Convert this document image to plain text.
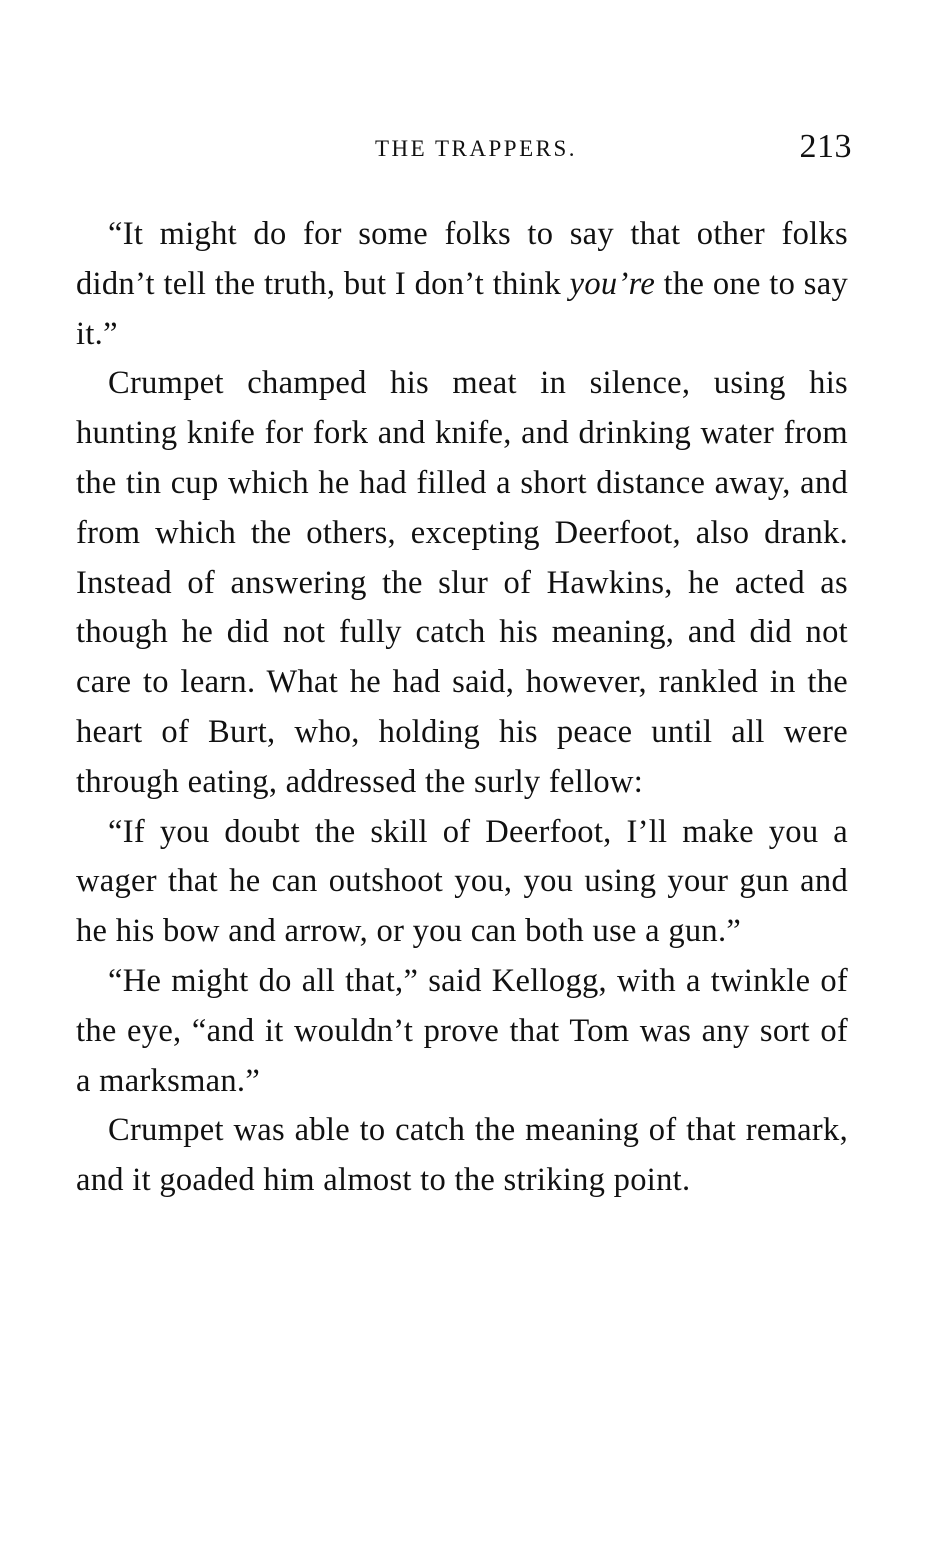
THE TRAPPERS.	213

“It might do for some folks to say that other folks didn’t tell the truth, but I don’t think you’re the one to say it.”

Crumpet champed his meat in silence, using his hunting knife for fork and knife, and drinking water from the tin cup which he had filled a short distance away, and from which the others, excepting Deerfoot, also drank. Instead of answering the slur of Hawkins, he acted as though he did not fully catch his meaning, and did not care to learn. What he had said, however, rankled in the heart of Burt, who, holding his peace until all were through eating, addressed the surly fellow:

“If you doubt the skill of Deerfoot, I’ll make you a wager that he can outshoot you, you using your gun and he his bow and arrow, or you can both use a gun.”

“He might do all that,” said Kellogg, with a twinkle of the eye, “and it wouldn’t prove that Tom was any sort of a marksman.”

Crumpet was able to catch the meaning of that remark, and it goaded him almost to the striking point.
